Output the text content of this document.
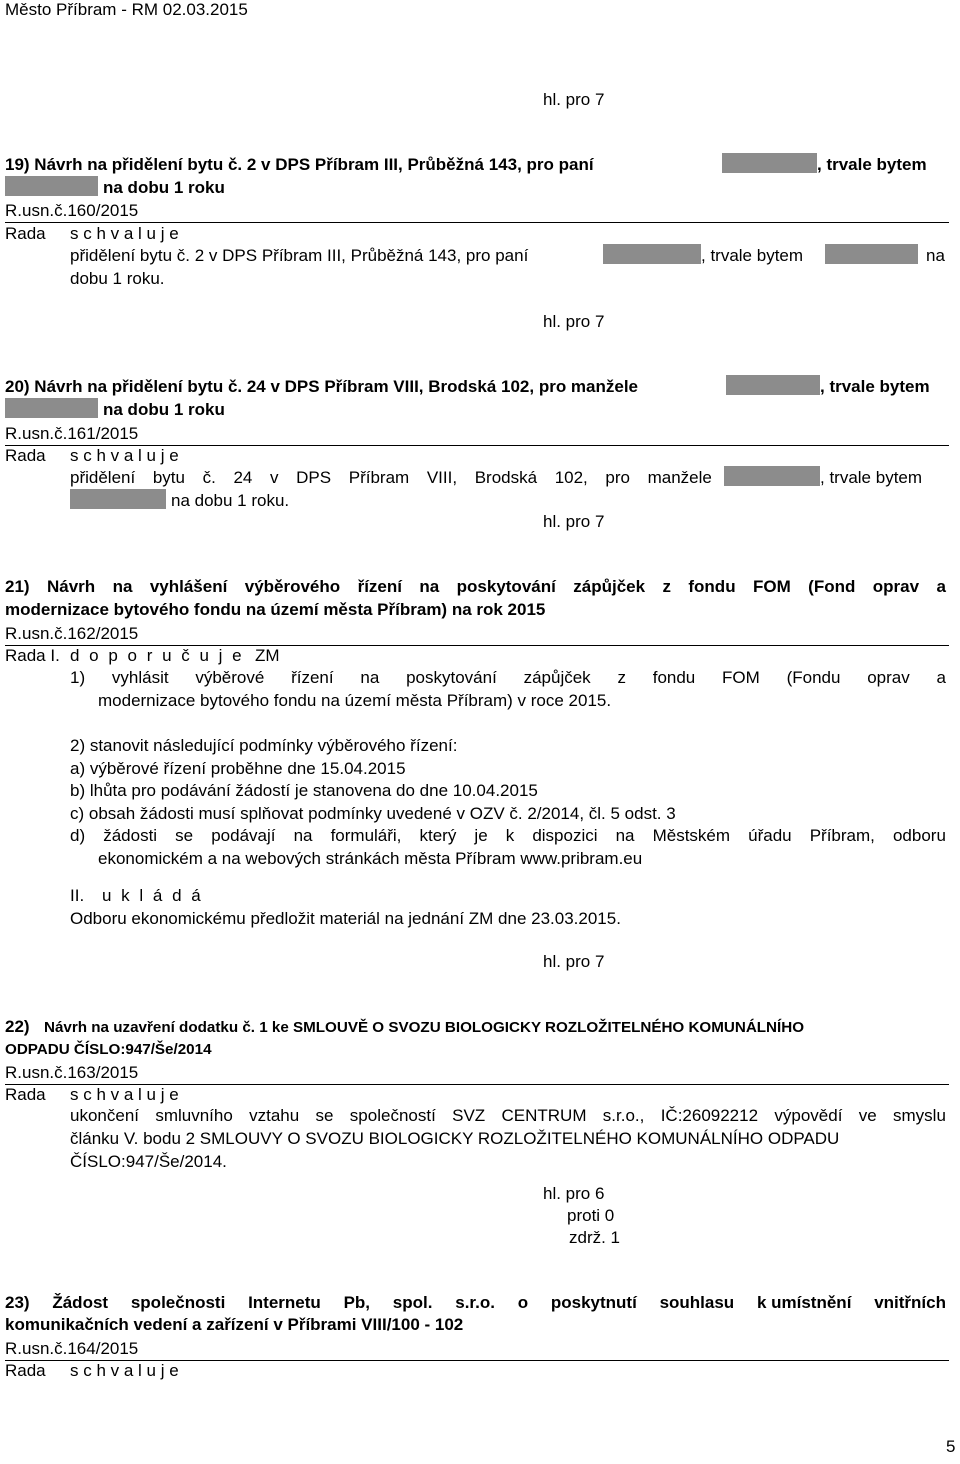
Město Příbram - RM 02.03.2015
hl. pro 7
19) Návrh na přidělení bytu č. 2 v DPS Příbram III, Průběžná 143, pro paní	, trvale bytem
na dobu 1 roku
R.usn.č.160/2015
Rada s c h v a l u j e
přidělení bytu č. 2 v DPS Příbram III, Průběžná 143, pro paní	, trvale bytem	na
dobu 1 roku.
hl. pro 7
20) Návrh na přidělení bytu č. 24 v DPS Příbram VIII, Brodská 102, pro manžele	, trvale bytem
na dobu 1 roku
R.usn.č.161/2015
Rada s c h v a l u j e
přidělení bytu č. 24 v DPS Příbram VIII, Brodská 102, pro manžele	, trvale bytem
na dobu 1 roku.
hl. pro 7
21) Návrh na vyhlášení výběrového řízení na poskytování zápůjček z fondu FOM (Fond oprav a
modernizace bytového fondu na území města Příbram) na rok 2015
R.usn.č.162/2015
Rada I. d o p o r u č u j e ZM
1) vyhlásit výběrové řízení na poskytování zápůjček z fondu FOM (Fondu oprav a
modernizace bytového fondu na území města Příbram) v roce 2015.
2) stanovit následující podmínky výběrového řízení:
a) výběrové řízení proběhne dne 15.04.2015
b) lhůta pro podávání žádostí je stanovena do dne 10.04.2015
c) obsah žádosti musí splňovat podmínky uvedené v OZV č. 2/2014, čl. 5 odst. 3
d) žádosti se podávají na formuláři, který je k dispozici na Městském úřadu Příbram, odboru
ekonomickém a na webových stránkách města Příbram www.pribram.eu
II. u k l á d á
Odboru ekonomickému předložit materiál na jednání ZM dne 23.03.2015.
hl. pro 7
22) Návrh na uzavření dodatku č. 1 ke SMLOUVĚ O SVOZU BIOLOGICKY ROZLOŽITELNÉHO KOMUNÁLNÍHO
ODPADU ČÍSLO:947/Še/2014
R.usn.č.163/2015
Rada s c h v a l u j e
ukončení smluvního vztahu se společností SVZ CENTRUM s.r.o., IČ:26092212 výpovědí ve smyslu
článku V. bodu 2 SMLOUVY O SVOZU BIOLOGICKY ROZLOŽITELNÉHO KOMUNÁLNÍHO ODPADU
ČÍSLO:947/Še/2014.
hl. pro 6
proti 0
zdrž. 1
23) Žádost společnosti Internetu Pb, spol. s.r.o. o poskytnutí souhlasu k umístnění vnitřních
komunikačních vedení a zařízení v Příbrami VIII/100 - 102
R.usn.č.164/2015
Rada s c h v a l u j e
5
